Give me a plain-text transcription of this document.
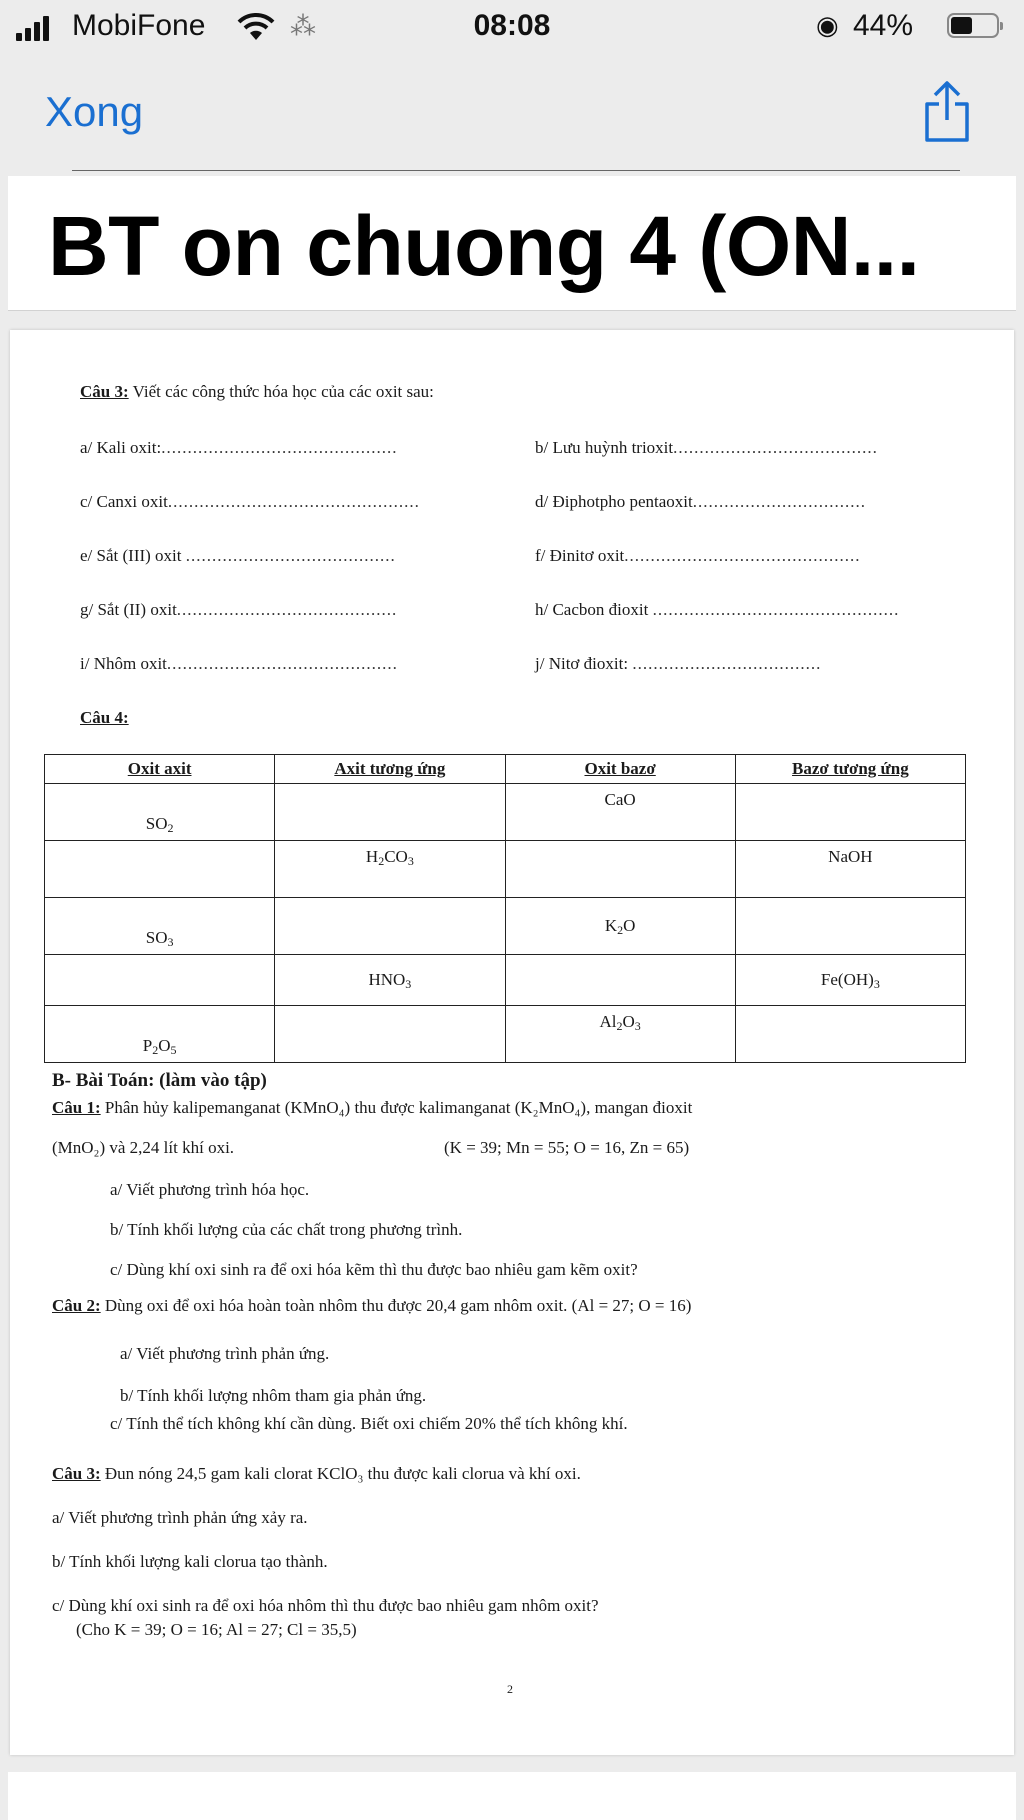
MobiFone	⁂	08:08	◉ 44%
Xong
BT on chuong 4 (ON...
Câu 3: Viết các công thức hóa học của các oxit sau:
a/ Kali oxit:.............................................	b/ Lưu huỳnh trioxit.......................................
c/ Canxi oxit................................................	d/ Điphotpho pentaoxit.................................
e/ Sắt (III) oxit ........................................	f/ Đinitơ oxit.............................................
g/ Sắt (II) oxit..........................................	h/ Cacbon đioxit ...............................................
i/ Nhôm oxit............................................	j/ Nitơ đioxit: ....................................
Câu 4:
Oxit axit	Axit tương ứng	Oxit bazơ	Bazơ tương ứng
SO2		CaO	
	H2CO3		NaOH
SO3		K2O	
	HNO3		Fe(OH)3
P2O5		Al2O3	
B- Bài Toán: (làm vào tập)
Câu 1: Phân hủy kalipemanganat (KMnO₄) thu được kalimanganat (K₂MnO₄), mangan đioxit
(MnO₂) và 2,24 lít khí oxi.	(K = 39; Mn = 55; O = 16, Zn = 65)
a/ Viết phương trình hóa học.
b/ Tính khối lượng của các chất trong phương trình.
c/ Dùng khí oxi sinh ra để oxi hóa kẽm thì thu được bao nhiêu gam kẽm oxit?
Câu 2: Dùng oxi để oxi hóa hoàn toàn nhôm thu được 20,4 gam nhôm oxit. (Al = 27; O = 16)
a/ Viết phương trình phản ứng.
b/ Tính khối lượng nhôm tham gia phản ứng.
c/ Tính thể tích không khí cần dùng. Biết oxi chiếm 20% thể tích không khí.
Câu 3: Đun nóng 24,5 gam kali clorat KClO₃ thu được kali clorua và khí oxi.
a/ Viết phương trình phản ứng xảy ra.
b/ Tính khối lượng kali clorua tạo thành.
c/ Dùng khí oxi sinh ra để oxi hóa nhôm thì thu được bao nhiêu gam nhôm oxit?
(Cho K = 39; O = 16; Al = 27; Cl = 35,5)
2
